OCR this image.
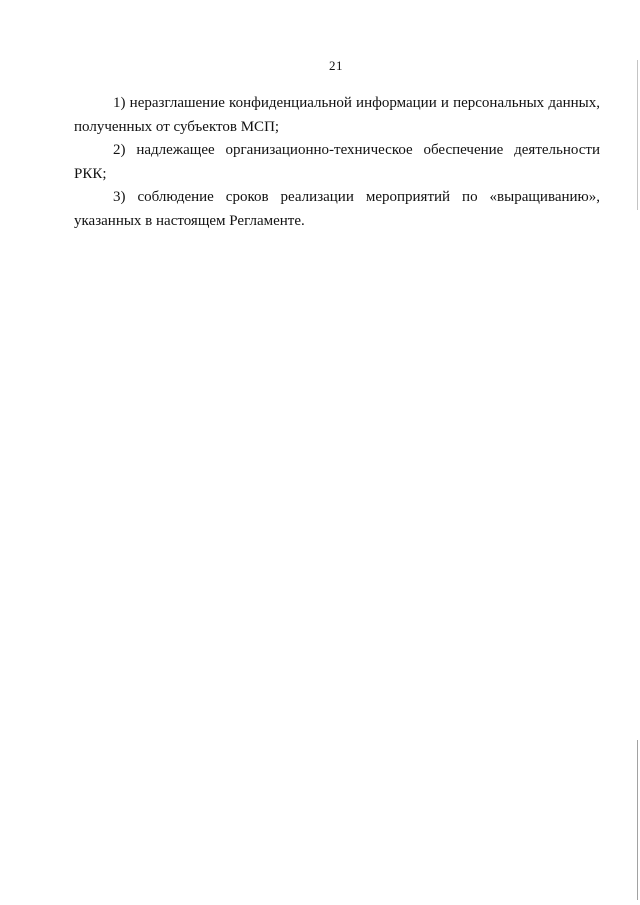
21

1) неразглашение конфиденциальной информации и персональных данных, полученных от субъектов МСП;

2) надлежащее организационно-техническое обеспечение деятельности РКК;

3) соблюдение сроков реализации мероприятий по «выращиванию», указанных в настоящем Регламенте.
